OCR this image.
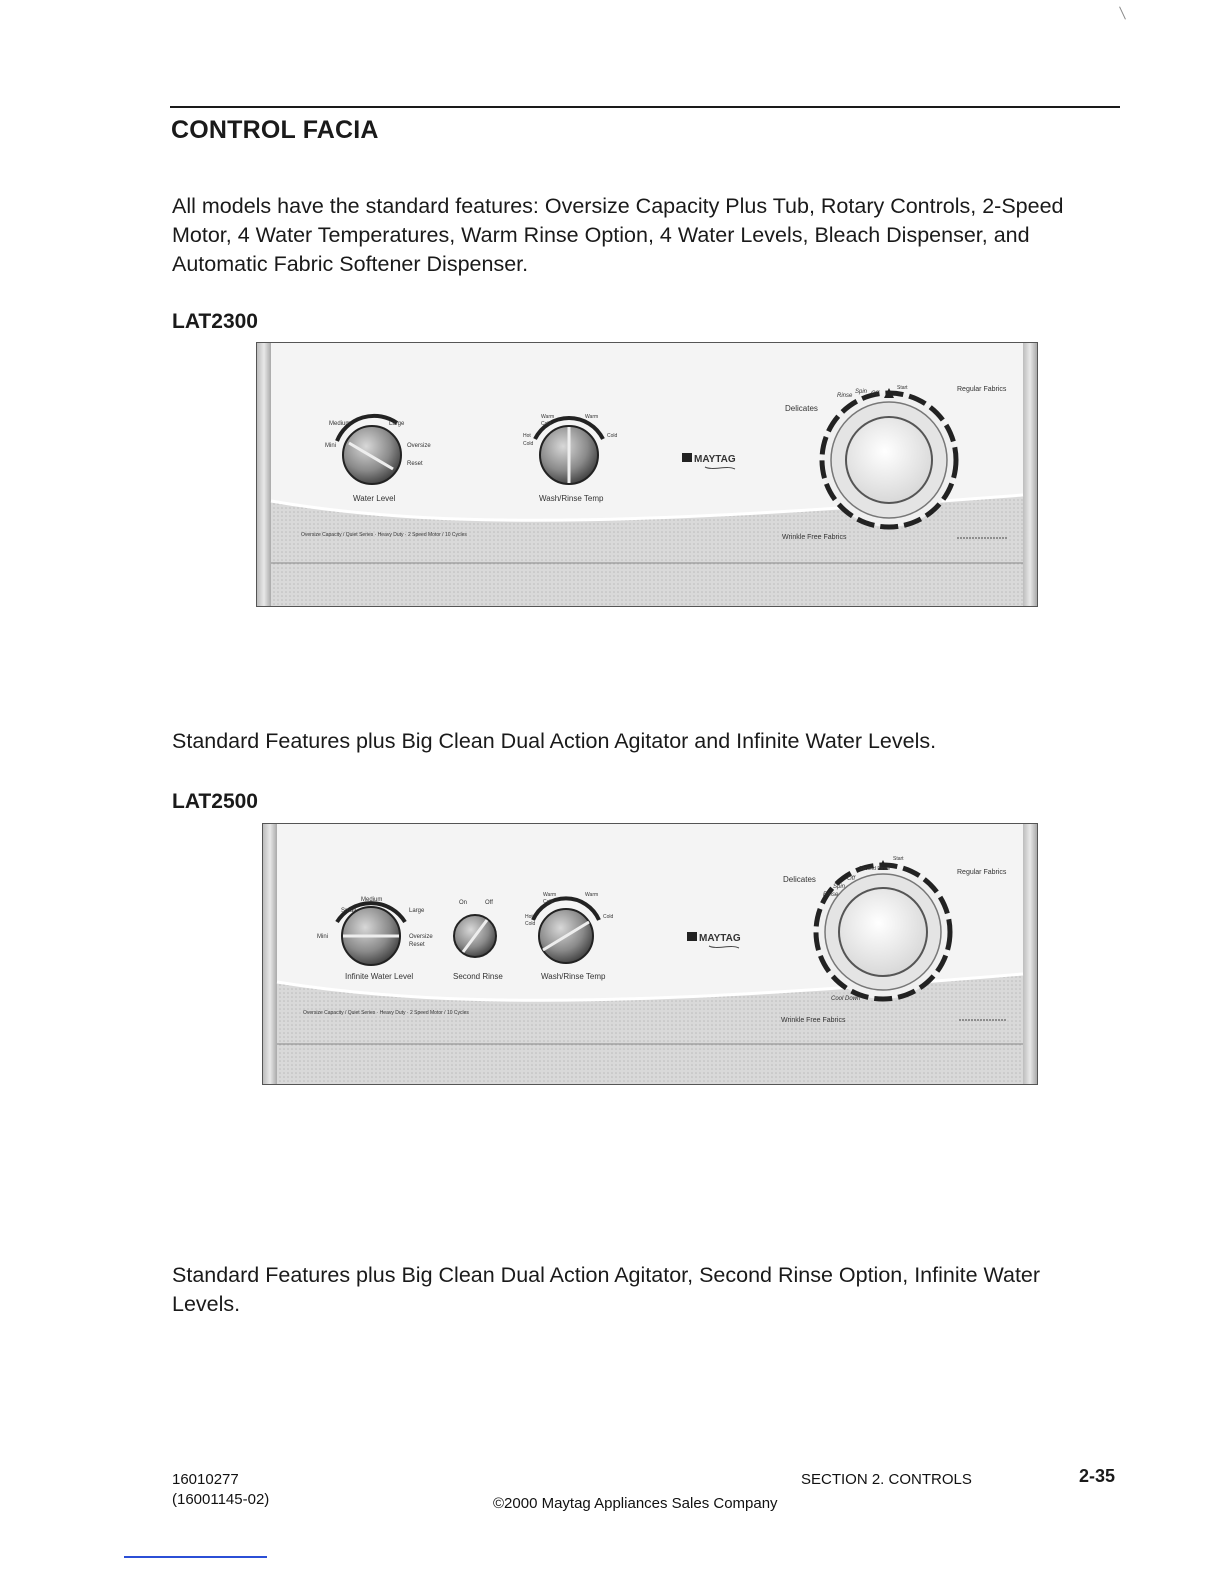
CONTROL FACIA
All models have the standard features: Oversize Capacity Plus Tub, Rotary Controls, 2-Speed Motor, 4 Water Temperatures, Warm Rinse Option, 4 Water Levels, Bleach Dispenser, and Automatic Fabric Softener Dispenser.
LAT2300
Medium	Large
Mini	Oversize
Reset
Water Level
Warm	Warm
Hot	Cold
Cold
Cold
Wash/Rinse Temp
MAYTAG
Delicates
Regular Fabrics
Start
Off
Spin
Rinse
Wrinkle Free Fabrics
Oversize Capacity / Quiet Series · Heavy Duty · 2 Speed Motor / 10 Cycles
Standard Features plus Big Clean Dual Action Agitator and Infinite Water Levels.
LAT2500
Medium
Small	Large
Mini	Oversize
Reset
Infinite Water Level
On	Off
Second Rinse
Warm	Warm
Hot	Cold
Cold
Cold
Wash/Rinse Temp
MAYTAG
Delicates
Regular Fabrics
Start
Second Rinse
Off
Spin
Rinse
Cool Down
Wrinkle Free Fabrics
Oversize Capacity / Quiet Series · Heavy Duty · 2 Speed Motor / 10 Cycles
Standard Features plus Big Clean Dual Action Agitator, Second Rinse Option, Infinite Water Levels.
16010277
(16001145-02)
SECTION 2. CONTROLS
©2000 Maytag Appliances Sales Company
2-35
